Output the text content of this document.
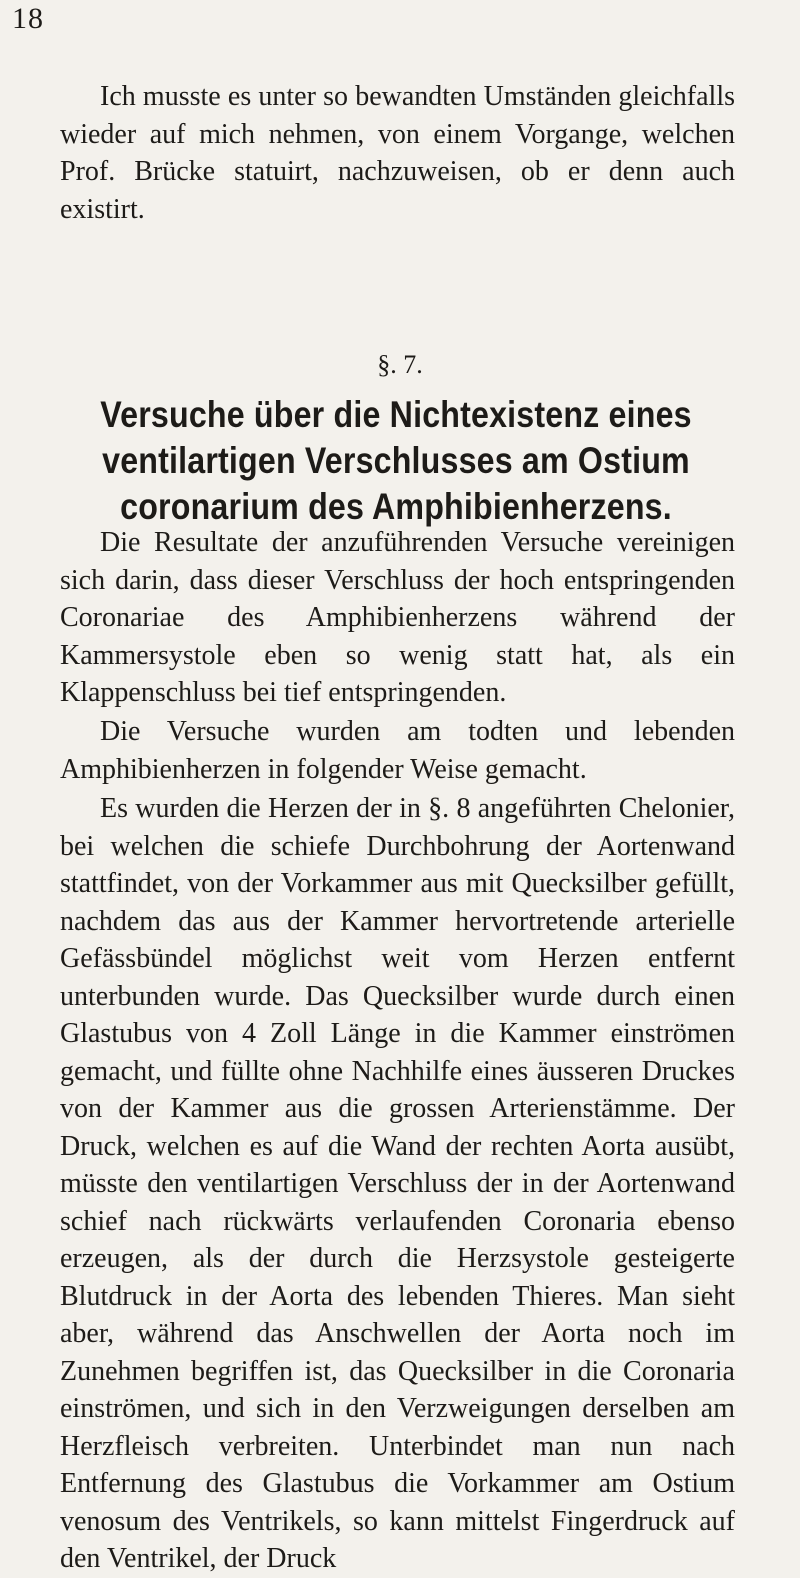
18

Ich musste es unter so bewandten Umständen gleichfalls wieder auf mich nehmen, von einem Vorgange, welchen Prof. Brücke statuirt, nachzuweisen, ob er denn auch existirt.

§. 7.
Versuche über die Nichtexistenz eines ventilartigen Verschlusses am Ostium coronarium des Amphibienherzens.

Die Resultate der anzuführenden Versuche vereinigen sich darin, dass dieser Verschluss der hoch entspringenden Coronariae des Amphibienherzens während der Kammersystole eben so wenig statt hat, als ein Klappenschluss bei tief entspringenden.

Die Versuche wurden am todten und lebenden Amphibienherzen in folgender Weise gemacht.

Es wurden die Herzen der in §. 8 angeführten Chelonier, bei welchen die schiefe Durchbohrung der Aortenwand stattfindet, von der Vorkammer aus mit Quecksilber gefüllt, nachdem das aus der Kammer hervortretende arterielle Gefässbündel möglichst weit vom Herzen entfernt unterbunden wurde. Das Quecksilber wurde durch einen Glastubus von 4 Zoll Länge in die Kammer einströmen gemacht, und füllte ohne Nachhilfe eines äusseren Druckes von der Kammer aus die grossen Arterienstämme. Der Druck, welchen es auf die Wand der rechten Aorta ausübt, müsste den ventilartigen Verschluss der in der Aortenwand schief nach rückwärts verlaufenden Coronaria ebenso erzeugen, als der durch die Herzsystole gesteigerte Blutdruck in der Aorta des lebenden Thieres. Man sieht aber, während das Anschwellen der Aorta noch im Zunehmen begriffen ist, das Quecksilber in die Coronaria einströmen, und sich in den Verzweigungen derselben am Herzfleisch verbreiten. Unterbindet man nun nach Entfernung des Glastubus die Vorkammer am Ostium venosum des Ventrikels, so kann mittelst Fingerdruck auf den Ventrikel, der Druck
